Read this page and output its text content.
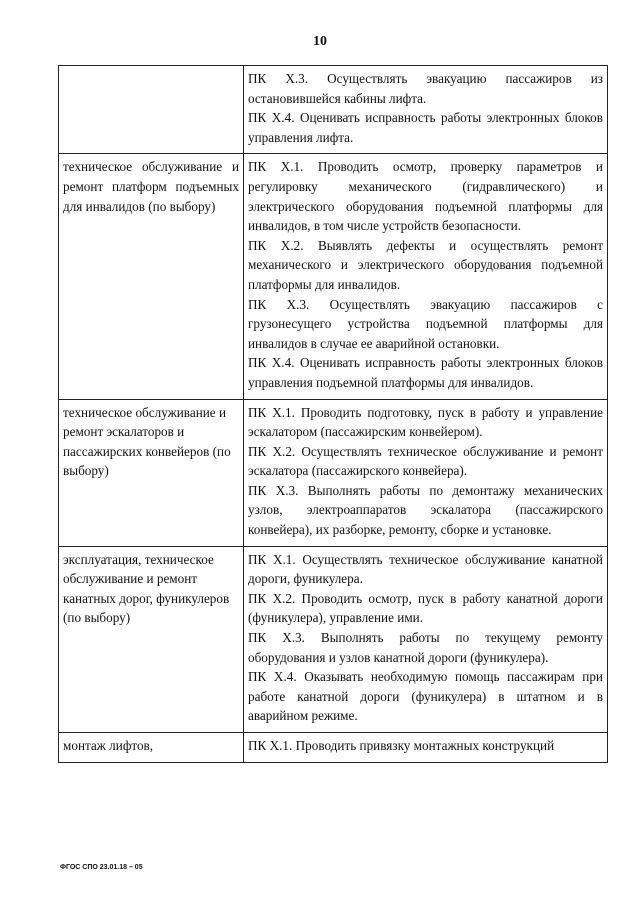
10

	ПК Х.3. Осуществлять эвакуацию пассажиров из остановившейся кабины лифта.

ПК Х.4. Оценивать исправность работы электронных блоков управления лифта.

техническое обслуживание и ремонт платформ подъемных для инвалидов (по выбору)	ПК Х.1. Проводить осмотр, проверку параметров и регулировку механического (гидравлического) и электрического оборудования подъемной платформы для инвалидов, в том числе устройств безопасности.

ПК Х.2. Выявлять дефекты и осуществлять ремонт механического и электрического оборудования подъемной платформы для инвалидов.

ПК Х.3. Осуществлять эвакуацию пассажиров с грузонесущего устройства подъемной платформы для инвалидов в случае ее аварийной остановки.

ПК Х.4. Оценивать исправность работы электронных блоков управления подъемной платформы для инвалидов.

техническое обслуживание и ремонт эскалаторов и пассажирских конвейеров (по выбору)	ПК Х.1. Проводить подготовку, пуск в работу и управление эскалатором (пассажирским конвейером).

ПК Х.2. Осуществлять техническое обслуживание и ремонт эскалатора (пассажирского конвейера).

ПК Х.3. Выполнять работы по демонтажу механических узлов, электроаппаратов эскалатора (пассажирского конвейера), их разборке, ремонту, сборке и установке.

эксплуатация, техническое обслуживание и ремонт канатных дорог, фуникулеров (по выбору)	ПК Х.1. Осуществлять техническое обслуживание канатной дороги, фуникулера.

ПК Х.2. Проводить осмотр, пуск в работу канатной дороги (фуникулера), управление ими.

ПК Х.3. Выполнять работы по текущему ремонту оборудования и узлов канатной дороги (фуникулера).

ПК Х.4. Оказывать необходимую помощь пассажирам при работе канатной дороги (фуникулера) в штатном и в аварийном режиме.

монтаж лифтов,	ПК Х.1. Проводить привязку монтажных конструкций

ФГОС СПО 23.01.18 – 05
